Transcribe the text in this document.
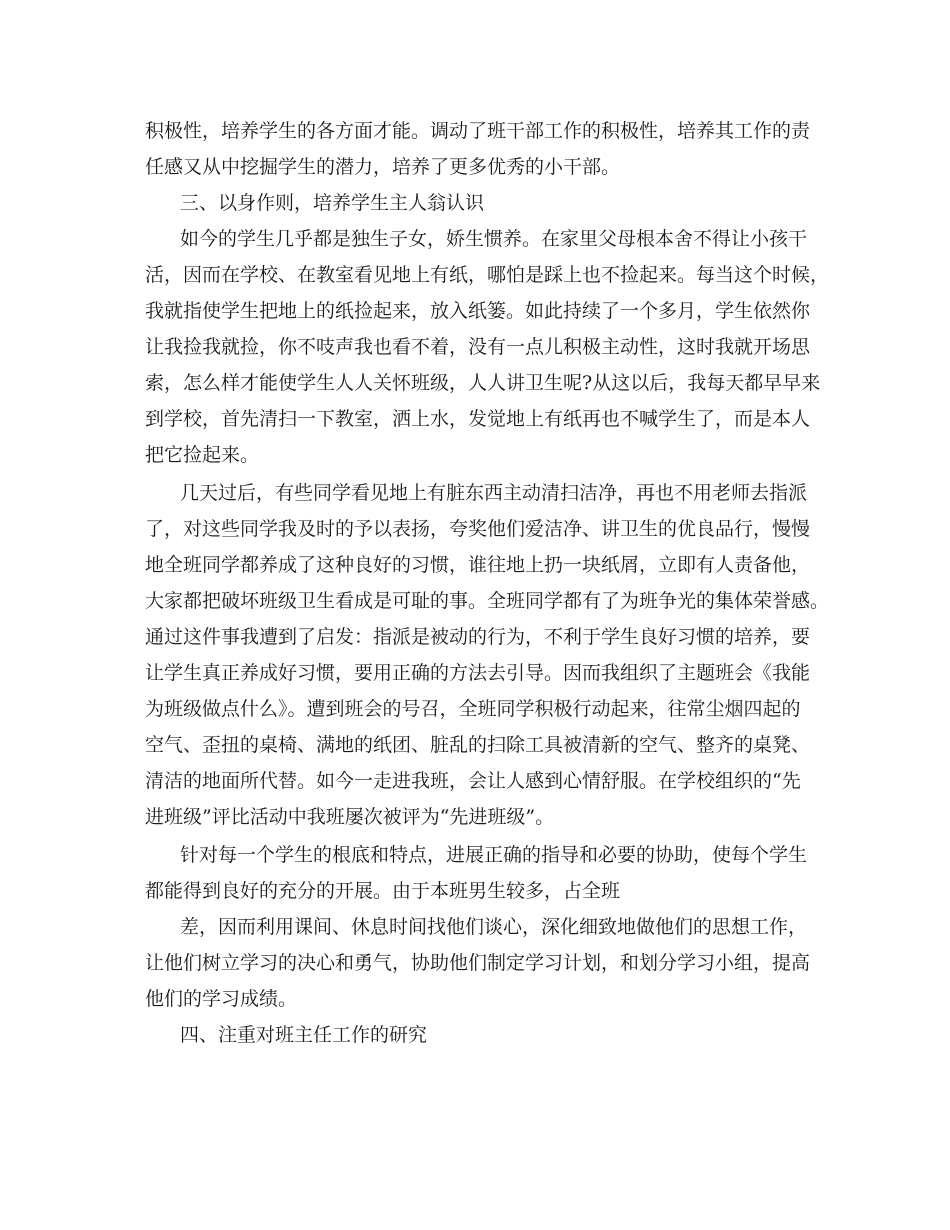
积极性，培养学生的各方面才能。调动了班干部工作的积极性，培养其工作的责
任感又从中挖掘学生的潜力，培养了更多优秀的小干部。
三、以身作则，培养学生主人翁认识
如今的学生几乎都是独生子女，娇生惯养。在家里父母根本舍不得让小孩干
活，因而在学校、在教室看见地上有纸，哪怕是踩上也不捡起来。每当这个时候，
我就指使学生把地上的纸捡起来，放入纸篓。如此持续了一个多月，学生依然你
让我捡我就捡，你不吱声我也看不着，没有一点儿积极主动性，这时我就开场思
索，怎么样才能使学生人人关怀班级，人人讲卫生呢?从这以后，我每天都早早来
到学校，首先清扫一下教室，洒上水，发觉地上有纸再也不喊学生了，而是本人
把它捡起来。
几天过后，有些同学看见地上有脏东西主动清扫洁净，再也不用老师去指派
了，对这些同学我及时的予以表扬，夸奖他们爱洁净、讲卫生的优良品行，慢慢
地全班同学都养成了这种良好的习惯，谁往地上扔一块纸屑，立即有人责备他，
大家都把破坏班级卫生看成是可耻的事。全班同学都有了为班争光的集体荣誉感。
通过这件事我遭到了启发：指派是被动的行为，不利于学生良好习惯的培养，要
让学生真正养成好习惯，要用正确的方法去引导。因而我组织了主题班会《我能
为班级做点什么》。遭到班会的号召，全班同学积极行动起来，往常尘烟四起的
空气、歪扭的桌椅、满地的纸团、脏乱的扫除工具被清新的空气、整齐的桌凳、
清洁的地面所代替。如今一走进我班，会让人感到心情舒服。在学校组织的“先
进班级”评比活动中我班屡次被评为“先进班级”。
针对每一个学生的根底和特点，进展正确的指导和必要的协助，使每个学生
都能得到良好的充分的开展。由于本班男生较多，占全班
差，因而利用课间、休息时间找他们谈心，深化细致地做他们的思想工作，
让他们树立学习的决心和勇气，协助他们制定学习计划，和划分学习小组，提高
他们的学习成绩。
四、注重对班主任工作的研究
